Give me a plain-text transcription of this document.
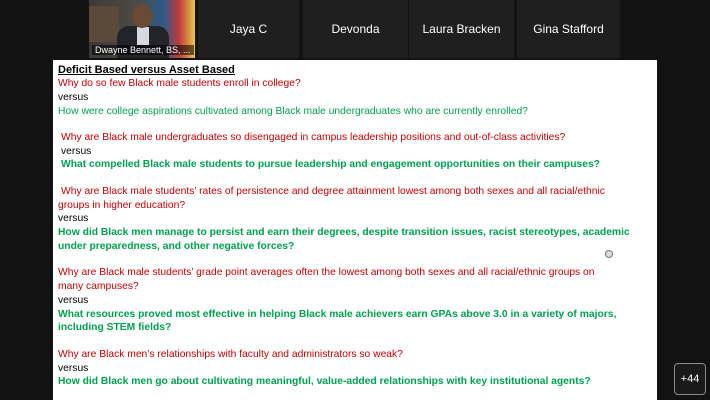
Dwayne Bennett, BS, ...
Jaya C	Devonda	Laura Bracken	Gina Stafford
Deficit Based versus Asset Based
Why do so few Black male students enroll in college?
versus
How were college aspirations cultivated among Black male undergraduates who are currently enrolled?
Why are Black male undergraduates so disengaged in campus leadership positions and out-of-class activities?
versus
What compelled Black male students to pursue leadership and engagement opportunities on their campuses?
Why are Black male students’ rates of persistence and degree attainment lowest among both sexes and all racial/ethnic
groups in higher education?
versus
How did Black men manage to persist and earn their degrees, despite transition issues, racist stereotypes, academic
under preparedness, and other negative forces?
Why are Black male students’ grade point averages often the lowest among both sexes and all racial/ethnic groups on
many campuses?
versus
What resources proved most effective in helping Black male achievers earn GPAs above 3.0 in a variety of majors,
including STEM fields?
Why are Black men’s relationships with faculty and administrators so weak?
versus
How did Black men go about cultivating meaningful, value-added relationships with key institutional agents?	+44
